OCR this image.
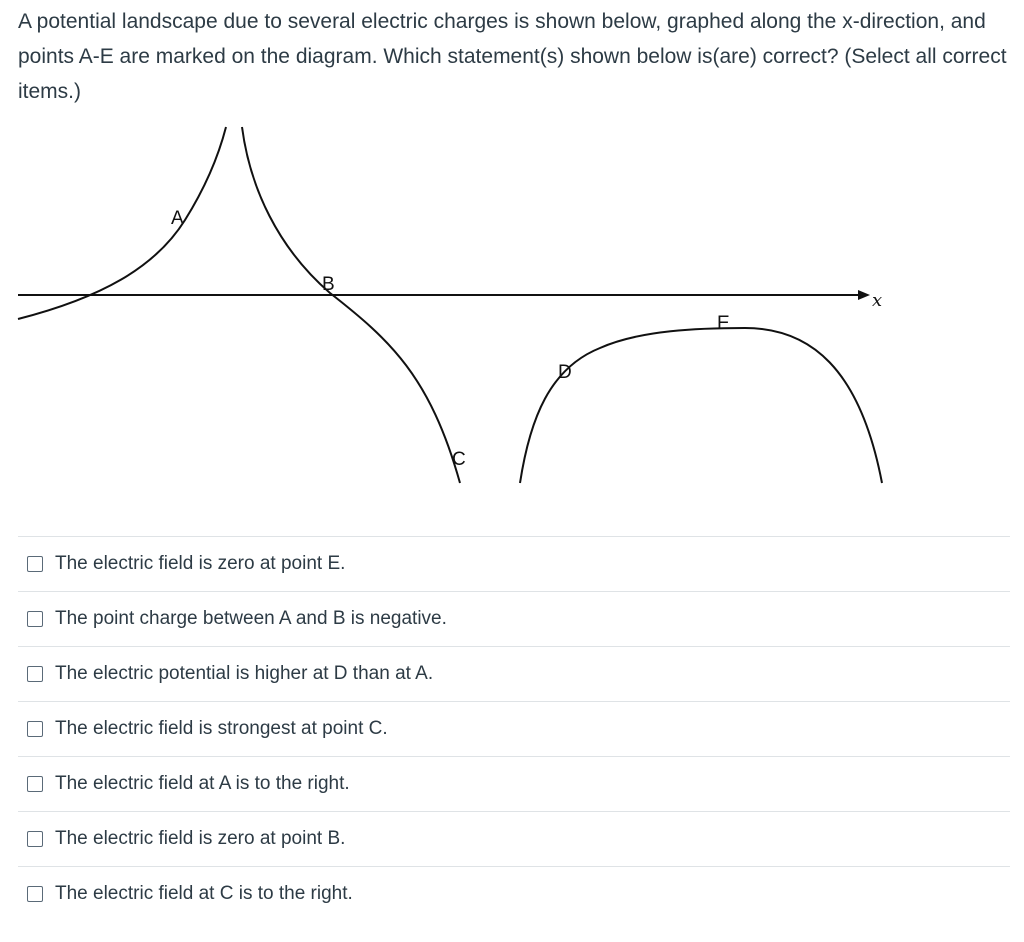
A potential landscape due to several electric charges is shown below, graphed along the x-direction, and points A-E are marked on the diagram. Which statement(s) shown below is(are) correct? (Select all correct items.)
x
A
B
C
D
E
The electric field is zero at point E.
The point charge between A and B is negative.
The electric potential is higher at D than at A.
The electric field is strongest at point C.
The electric field at A is to the right.
The electric field is zero at point B.
The electric field at C is to the right.
